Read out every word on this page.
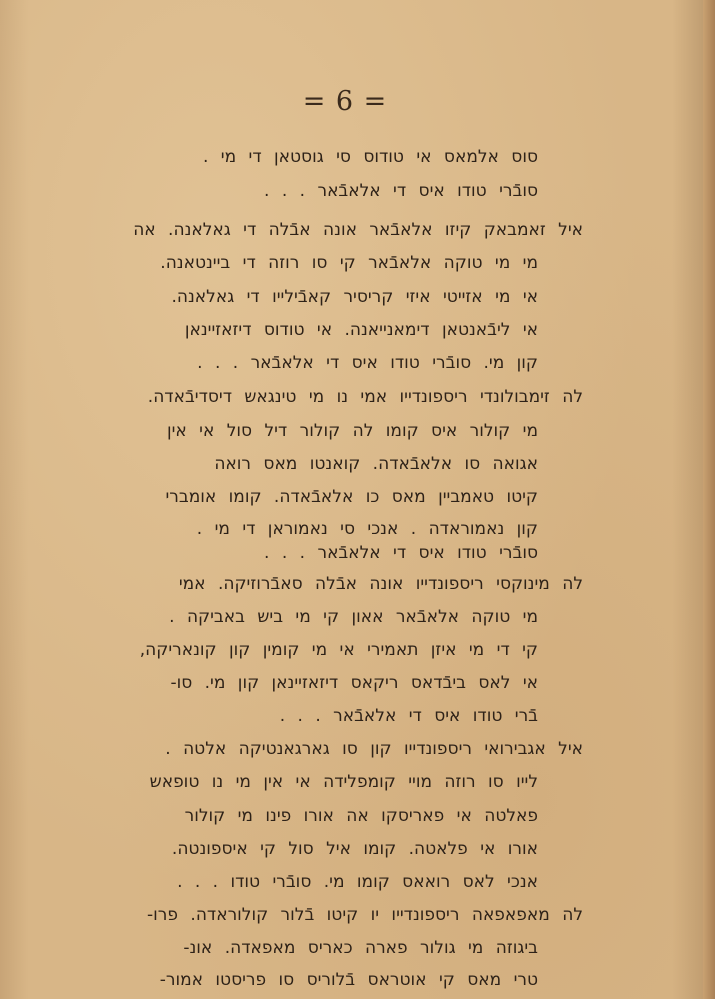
= 6 =
סוס אלמאס אי טודוס סי גוסטאן די מי .
סובֿרי טודו איס די אלאבֿאר . . .
איל זאמבאק קיזו אלאבֿאר אונה אבֿלה די גאלאנה. אה
מי מי טוקה אלאבֿאר קי סו רוזה די ביינטאנה.
אי מי אזייטי איזי קריסיר קאבֿילייו די גאלאנה.
אי ליבֿאנטאן דימאנייאנה. אי טודוס דיזאזיינאן
קון מי. סובֿרי טודו איס די אלאבֿאר . . .
לה זימבולונדי ריספונדייו אמי נו מי טינגאש דיסדיבֿאדה.
מי קולור איס קומו לה קולור דיל סול אי אין
אגואה סו אלאבֿאדה. קואנטו מאס רואה
קיטו טאמביין מאס כו אלאבֿאדה. קומו אומברי
קון נאמוראדה . אנכי סי נאמוראן די מי .
סובֿרי טודו איס די אלאבֿאר . . .
לה מינוקסי ריספונדייו אונה אבֿלה סאבֿרוזיקה. אמי
מי טוקה אלאבֿאר אאון קי מי ביש באביקה .
קי די מי איזן תאמירי אי מי קומין קון קונאריקה,
אי לאס ביבֿדאס ריקאס דיזאזיינאן קון מי. סו-
בֿרי טודו איס די אלאבֿאר . . .
איל אגבירואי ריספונדייו קון סו גארגאנטיקה אלטה .
לייו סו רוזה מויי קומפלידה אי אין מי נו טופאש
פאלטה אי פאריסקו אה אורו פינו מי קולור
אורו אי פלאטה. קומו איל סול קי איספונטה.
אנכי לאס רואאס קומו מי. סובֿרי טודו . . .
לה מאפאפאה ריספונדייו יו קיטו בֿלור קולוראדה. פרו-
ביגוזה מי גולור פארה כאריס מאפאדה. אונ-
טרי מאס קי אוטראס בֿלוריס סו פריסטו אמור-
